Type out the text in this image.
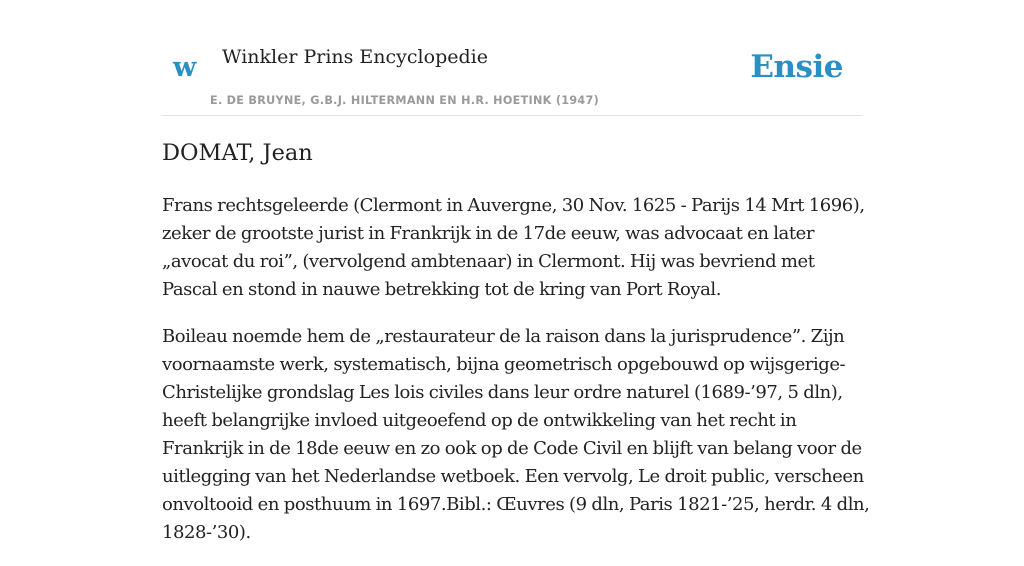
w Winkler Prins Encyclopedie
E. DE BRUYNE, G.B.J. HILTERMANN EN H.R. HOETINK (1947)
Ensie
DOMAT, Jean

Frans rechtsgeleerde (Clermont in Auvergne, 30 Nov. 1625 - Parijs 14 Mrt 1696), zeker de grootste jurist in Frankrijk in de 17de eeuw, was advocaat en later „avocat du roi”, (vervolgend ambtenaar) in Clermont. Hij was bevriend met Pascal en stond in nauwe betrekking tot de kring van Port Royal.

Boileau noemde hem de „restaurateur de la raison dans la jurisprudence”. Zijn voornaamste werk, systematisch, bijna geometrisch opgebouwd op wijsgerige-Christelijke grondslag Les lois civiles dans leur ordre naturel (1689-’97, 5 dln), heeft belangrijke invloed uitgeoefend op de ontwikkeling van het recht in Frankrijk in de 18de eeuw en zo ook op de Code Civil en blijft van belang voor de uitlegging van het Nederlandse wetboek. Een vervolg, Le droit public, verscheen onvoltooid en posthuum in 1697.Bibl.: Œuvres (9 dln, Paris 1821-’25, herdr. 4 dln, 1828-’30).
